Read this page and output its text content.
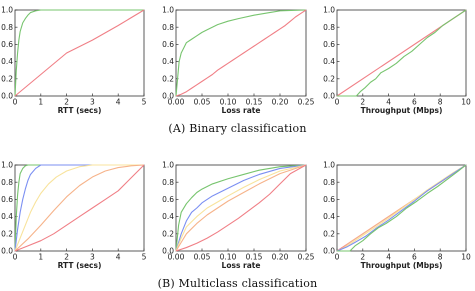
0.0
0.2
0.4
0.6
0.8
1.0
0	1	2	3	4	5
RTT (secs)
0.0
0.2
0.4
0.6
0.8
1.0
0.00 0.05 0.10 0.15 0.20 0.25
Loss rate
0.0
0.2
0.4
0.6
0.8
1.0
0	2	4	6	8 10
Throughput (Mbps)
0.0
0.2
0.4
0.6
0.8
1.0
0	1	2	3	4	5
RTT (secs)
0.0
0.2
0.4
0.6
0.8
1.0
0.00 0.05 0.10 0.15 0.20 0.25
Loss rate
0.0
0.2
0.4
0.6
0.8
1.0
0	2	4	6	8 10
Throughput (Mbps)
(A) Binary classification
(B) Multiclass classification
